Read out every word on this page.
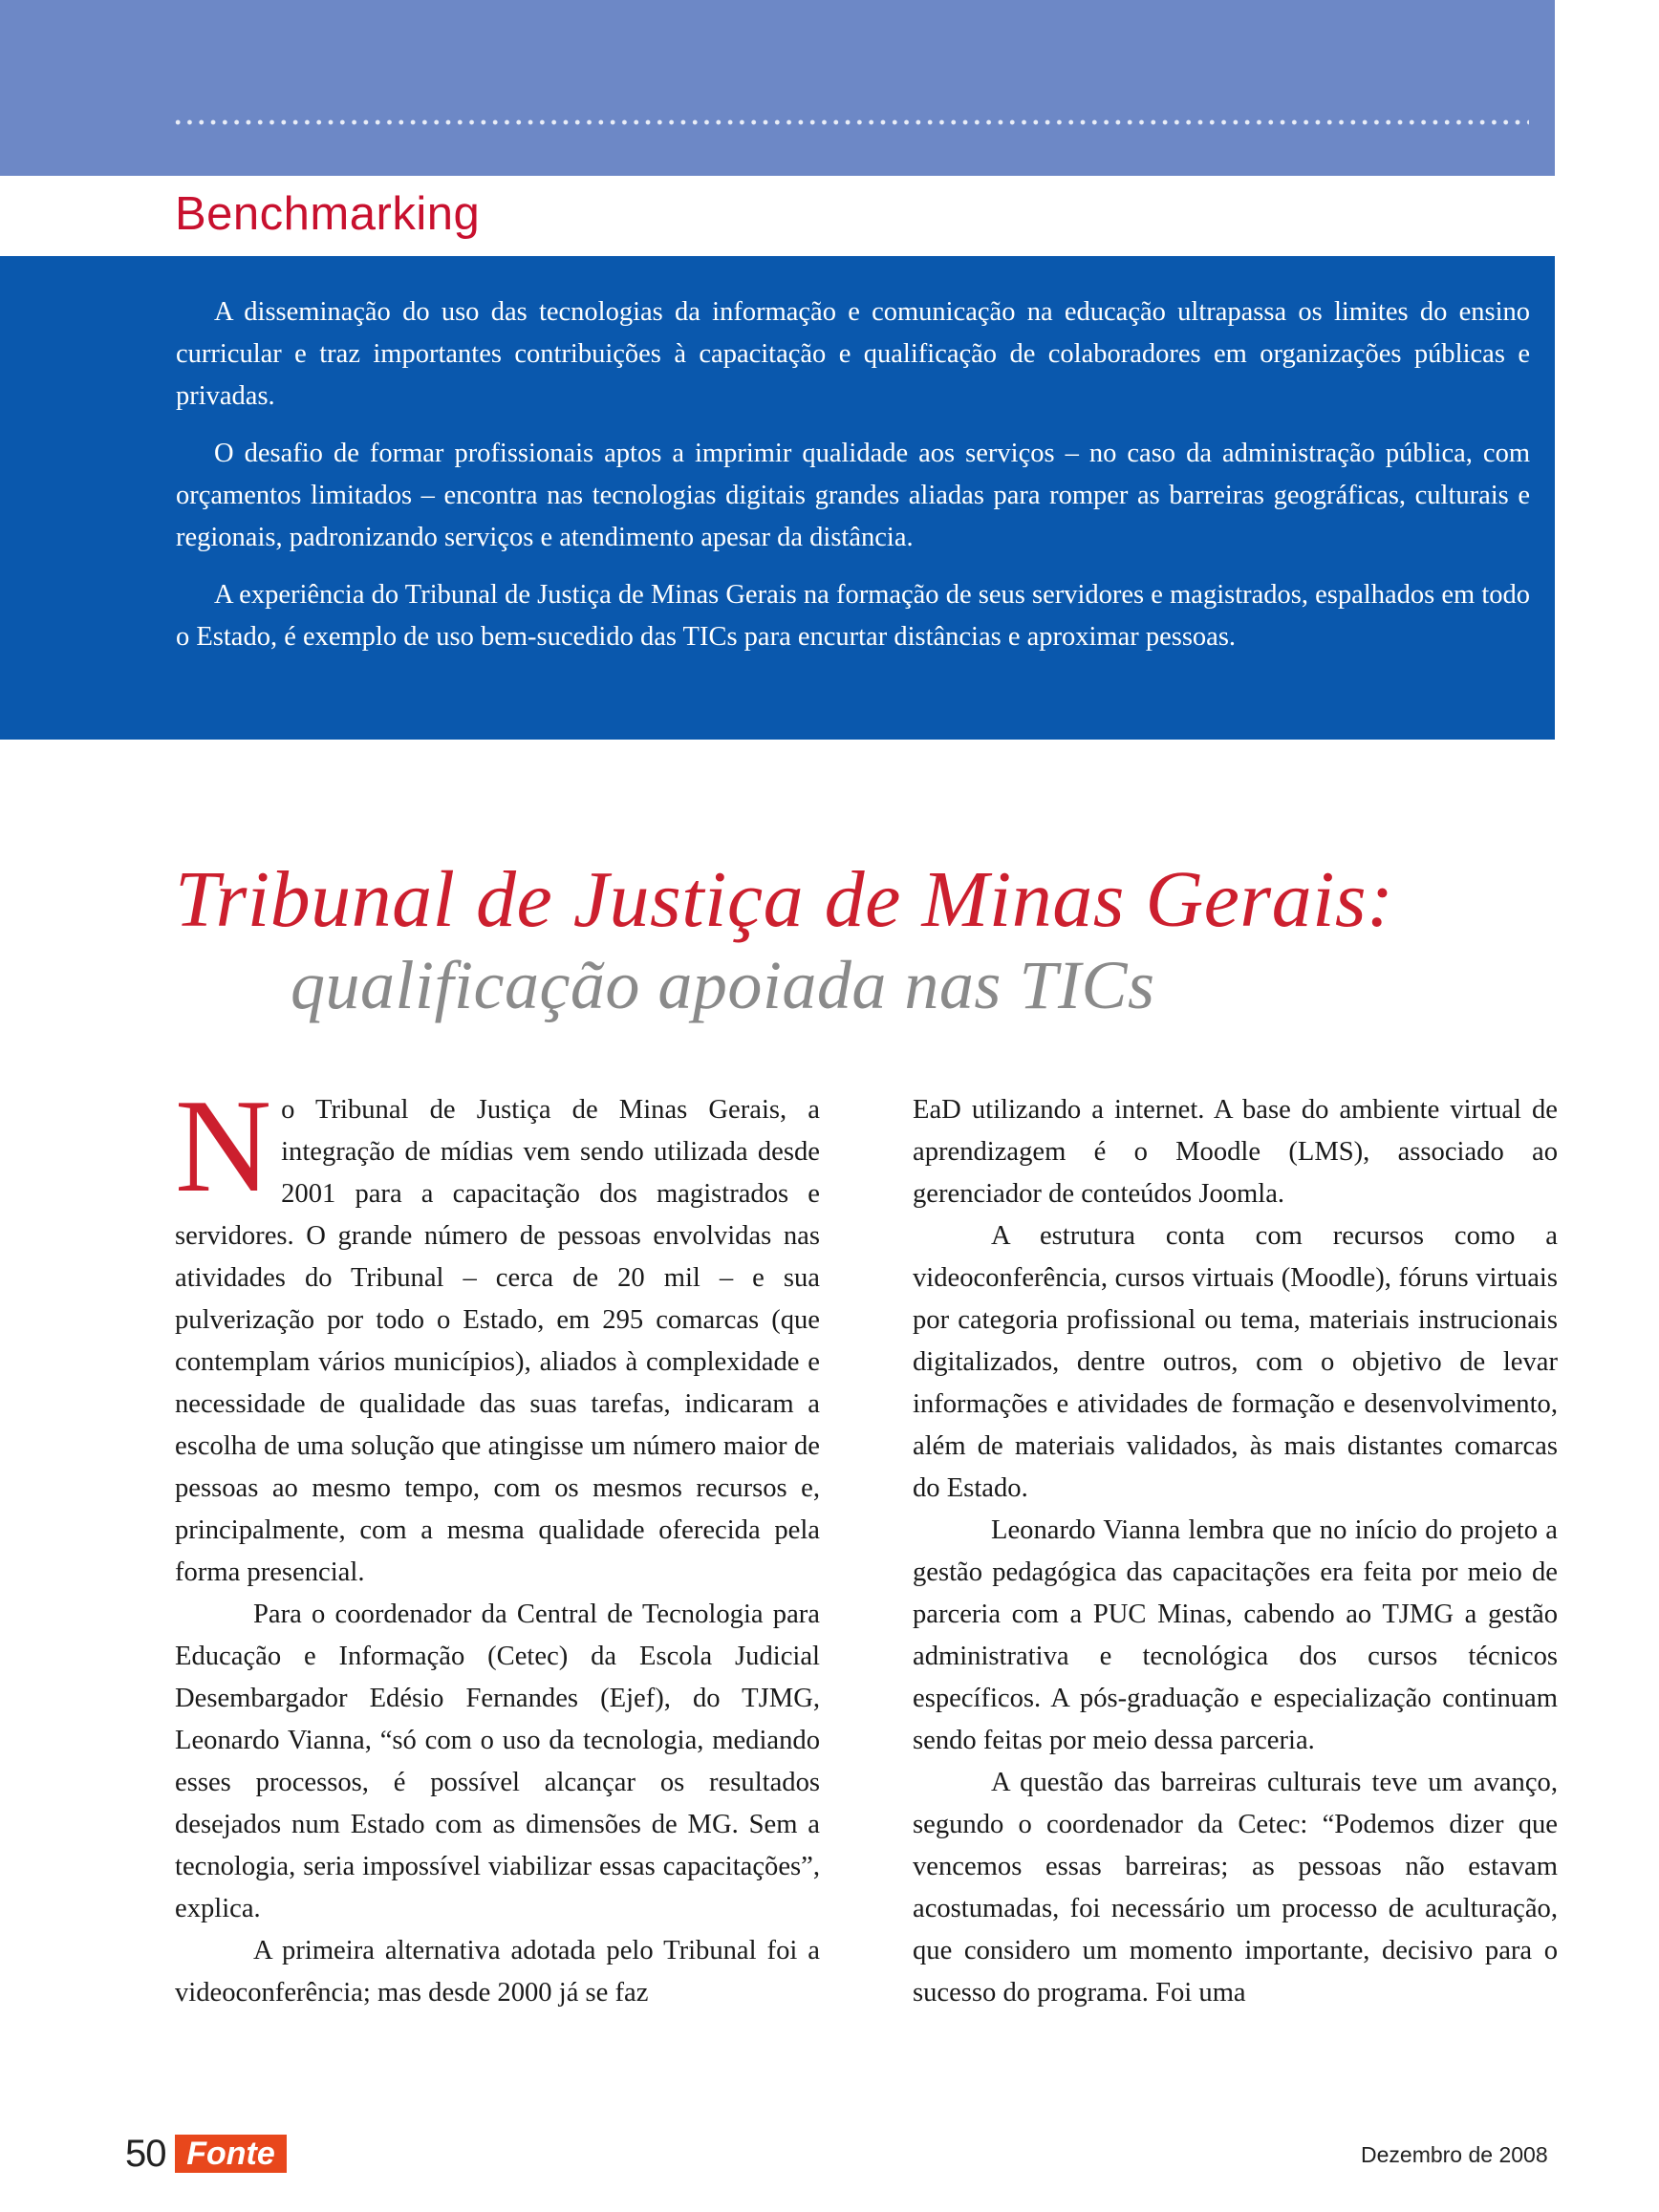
Benchmarking

A disseminação do uso das tecnologias da informação e comunicação na educação ultrapassa os limites do ensino curricular e traz importantes contribuições à capacitação e qualificação de colaboradores em organizações públicas e privadas.

O desafio de formar profissionais aptos a imprimir qualidade aos serviços – no caso da administração pública, com orçamentos limitados – encontra nas tecnologias digitais grandes aliadas para romper as barreiras geográficas, culturais e regionais, padronizando serviços e atendimento apesar da distância.

A experiência do Tribunal de Justiça de Minas Gerais na formação de seus servidores e magistrados, espalhados em todo o Estado, é exemplo de uso bem-sucedido das TICs para encurtar distâncias e aproximar pessoas.

Tribunal de Justiça de Minas Gerais:
qualificação apoiada nas TICs

No Tribunal de Justiça de Minas Gerais, a integração de mídias vem sendo utilizada desde 2001 para a capacitação dos magistrados e servidores. O grande número de pessoas envolvidas nas atividades do Tribunal – cerca de 20 mil – e sua pulverização por todo o Estado, em 295 comarcas (que contemplam vários municípios), aliados à complexidade e necessidade de qualidade das suas tarefas, indicaram a escolha de uma solução que atingisse um número maior de pessoas ao mesmo tempo, com os mesmos recursos e, principalmente, com a mesma qualidade oferecida pela forma presencial.

Para o coordenador da Central de Tecnologia para Educação e Informação (Cetec) da Escola Judicial Desembargador Edésio Fernandes (Ejef), do TJMG, Leonardo Vianna, “só com o uso da tecnologia, mediando esses processos, é possível alcançar os resultados desejados num Estado com as dimensões de MG. Sem a tecnologia, seria impossível viabilizar essas capacitações”, explica.

A primeira alternativa adotada pelo Tribunal foi a videoconferência; mas desde 2000 já se faz

EaD utilizando a internet. A base do ambiente virtual de aprendizagem é o Moodle (LMS), associado ao gerenciador de conteúdos Joomla.

A estrutura conta com recursos como a videoconferência, cursos virtuais (Moodle), fóruns virtuais por categoria profissional ou tema, materiais instrucionais digitalizados, dentre outros, com o objetivo de levar informações e atividades de formação e desenvolvimento, além de materiais validados, às mais distantes comarcas do Estado.

Leonardo Vianna lembra que no início do projeto a gestão pedagógica das capacitações era feita por meio de parceria com a PUC Minas, cabendo ao TJMG a gestão administrativa e tecnológica dos cursos técnicos específicos. A pós-graduação e especialização continuam sendo feitas por meio dessa parceria.

A questão das barreiras culturais teve um avanço, segundo o coordenador da Cetec: “Podemos dizer que vencemos essas barreiras; as pessoas não estavam acostumadas, foi necessário um processo de aculturação, que considero um momento importante, decisivo para o sucesso do programa. Foi uma

50 Fonte	Dezembro de 2008
